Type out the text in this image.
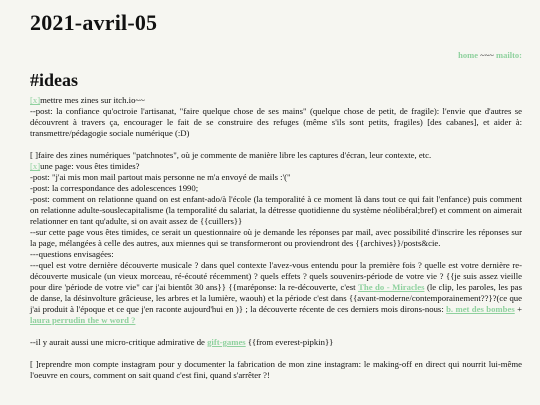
2021-avril-05
home ~~~ mailto:
#ideas

[x]mettre mes zines sur itch.io~~
--post: la confiance qu'octroie l'artisanat, "faire quelque chose de ses mains" (quelque chose de petit, de fragile): l'envie que d'autres se découvrent à travers ça, encourager le fait de se construire des refuges (même s'ils sont petits, fragiles) [des cabanes], et aider à: transmettre/pédagogie sociale numérique (:D)

[ ]faire des zines numériques "patchnotes", où je commente de manière libre les captures d'écran, leur contexte, etc.
[x]une page: vous êtes timides?
-post: "j'ai mis mon mail partout mais personne ne m'a envoyé de mails :'("
-post: la correspondance des adolescences 1990;
-post: comment on relationne quand on est enfant-ado/à l'école (la temporalité à ce moment là dans tout ce qui fait l'enfance) puis comment on relationne adulte-souslecapitalisme (la temporalité du salariat, la détresse quotidienne du système néolibéral;bref) et comment on aimerait relationner en tant qu'adulte, si on avait assez de {{cuillers}}
--sur cette page vous êtes timides, ce serait un questionnaire où je demande les réponses par mail, avec possibilité d'inscrire les réponses sur la page, mélangées à celle des autres, aux miennes qui se transformeront ou proviendront des {{archives}}/posts&cie.
---questions envisagées:
---quel est votre dernière découverte musicale ? dans quel contexte l'avez-vous entendu pour la première fois ? quelle est votre dernière re-découverte musicale (un vieux morceau, ré-écouté récemment) ? quels effets ? quels souvenirs-période de votre vie ? {{je suis assez vieille pour dire 'période de votre vie" car j'ai bientôt 30 ans}} {{maréponse: la re-découverte, c'est The do - Miracles (le clip, les paroles, les pas de danse, la désinvolture grâcieuse, les arbres et la lumière, waouh) et la période c'est dans {{avant-moderne/contemporainement??}?(ce que j'ai produit à l'époque et ce que j'en raconte aujourd'hui en )} ; la découverte récente de ces derniers mois dirons-nous: b. met des bombes + laura perrudin the w word ?

--il y aurait aussi une micro-critique admirative de gift-games {{from everest-pipkin}}

[ ]reprendre mon compte instagram pour y documenter la fabrication de mon zine instagram: le making-off en direct qui nourrit lui-même l'oeuvre en cours, comment on sait quand c'est fini, quand s'arrêter ?!
